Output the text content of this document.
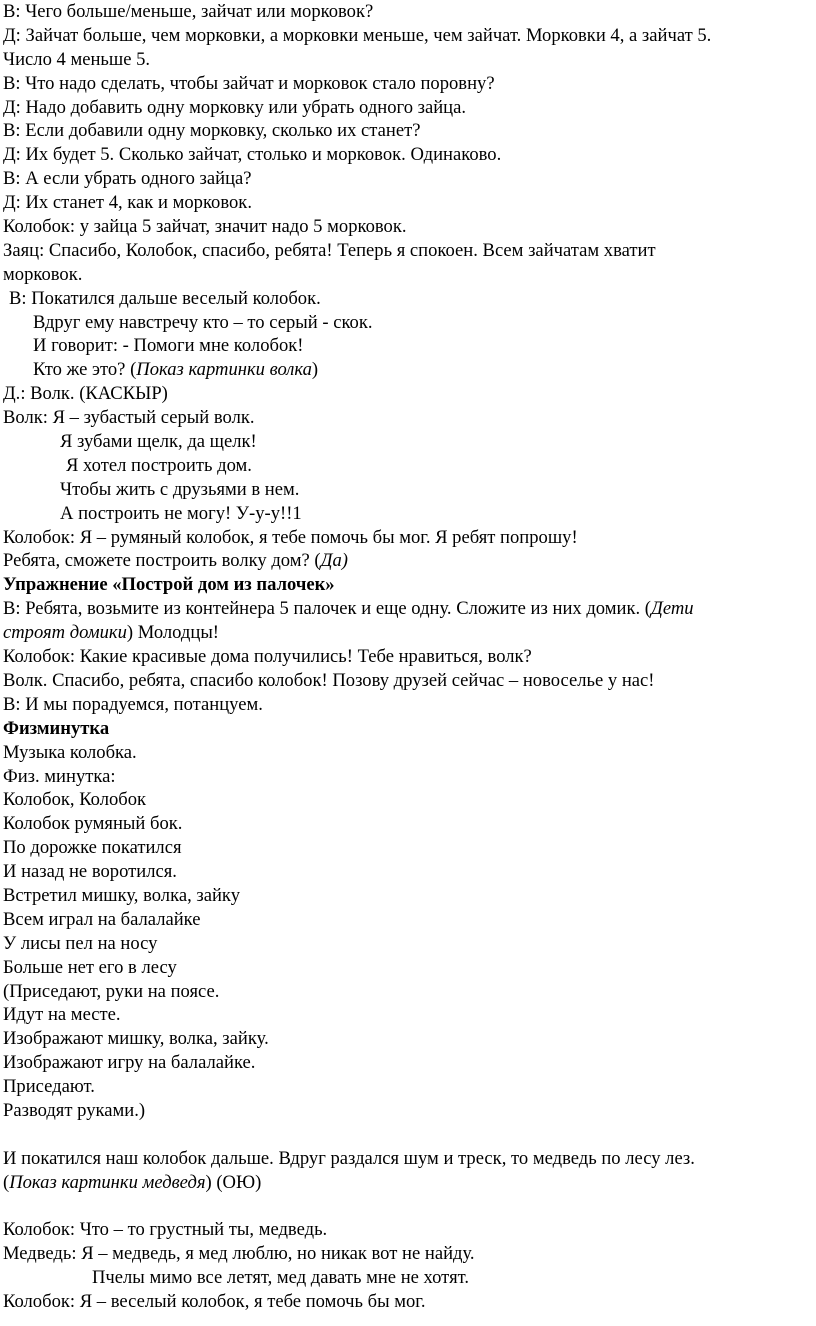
В: Чего больше/меньше, зайчат или морковок?
Д: Зайчат больше, чем морковки, а морковки меньше, чем зайчат. Морковки 4, а зайчат 5.
Число 4 меньше 5.
В: Что надо сделать, чтобы зайчат и морковок стало поровну?
Д: Надо добавить одну морковку или убрать одного зайца.
В: Если добавили одну морковку, сколько их станет?
Д: Их будет 5. Сколько зайчат, столько и морковок. Одинаково.
В: А если убрать одного зайца?
Д: Их станет 4, как и морковок.
Колобок: у зайца 5 зайчат, значит надо 5 морковок.
Заяц: Спасибо, Колобок, спасибо, ребята! Теперь я спокоен. Всем зайчатам хватит
морковок.
В: Покатился дальше веселый колобок.
Вдруг ему навстречу кто – то серый - скок.
И говорит: - Помоги мне колобок!
Кто же это? (Показ картинки волка)
Д.: Волк. (КАСКЫР)
Волк: Я – зубастый серый волк.
Я зубами щелк, да щелк!
Я хотел построить дом.
Чтобы жить с друзьями в нем.
А построить не могу! У-у-у!!1
Колобок: Я – румяный колобок, я тебе помочь бы мог. Я ребят попрошу!
Ребята, сможете построить волку дом? (Да)
Упражнение «Построй дом из палочек»
В: Ребята, возьмите из контейнера 5 палочек и еще одну. Сложите из них домик. (Дети
строят домики) Молодцы!
Колобок: Какие красивые дома получились! Тебе нравиться, волк?
Волк. Спасибо, ребята, спасибо колобок! Позову друзей сейчас – новоселье у нас!
В: И мы порадуемся, потанцуем.
Физминутка
Музыка колобка.
Физ. минутка:
Колобок, Колобок
Колобок румяный бок.
По дорожке покатился
И назад не воротился.
Встретил мишку, волка, зайку
Всем играл на балалайке
У лисы пел на носу
Больше нет его в лесу
(Приседают, руки на поясе.
Идут на месте.
Изображают мишку, волка, зайку.
Изображают игру на балалайке.
Приседают.
Разводят руками.)
И покатился наш колобок дальше. Вдруг раздался шум и треск, то медведь по лесу лез.
(Показ картинки медведя) (ОЮ)
Колобок: Что – то грустный ты, медведь.
Медведь: Я – медведь, я мед люблю, но никак вот не найду.
Пчелы мимо все летят, мед давать мне не хотят.
Колобок: Я – веселый колобок, я тебе помочь бы мог.
